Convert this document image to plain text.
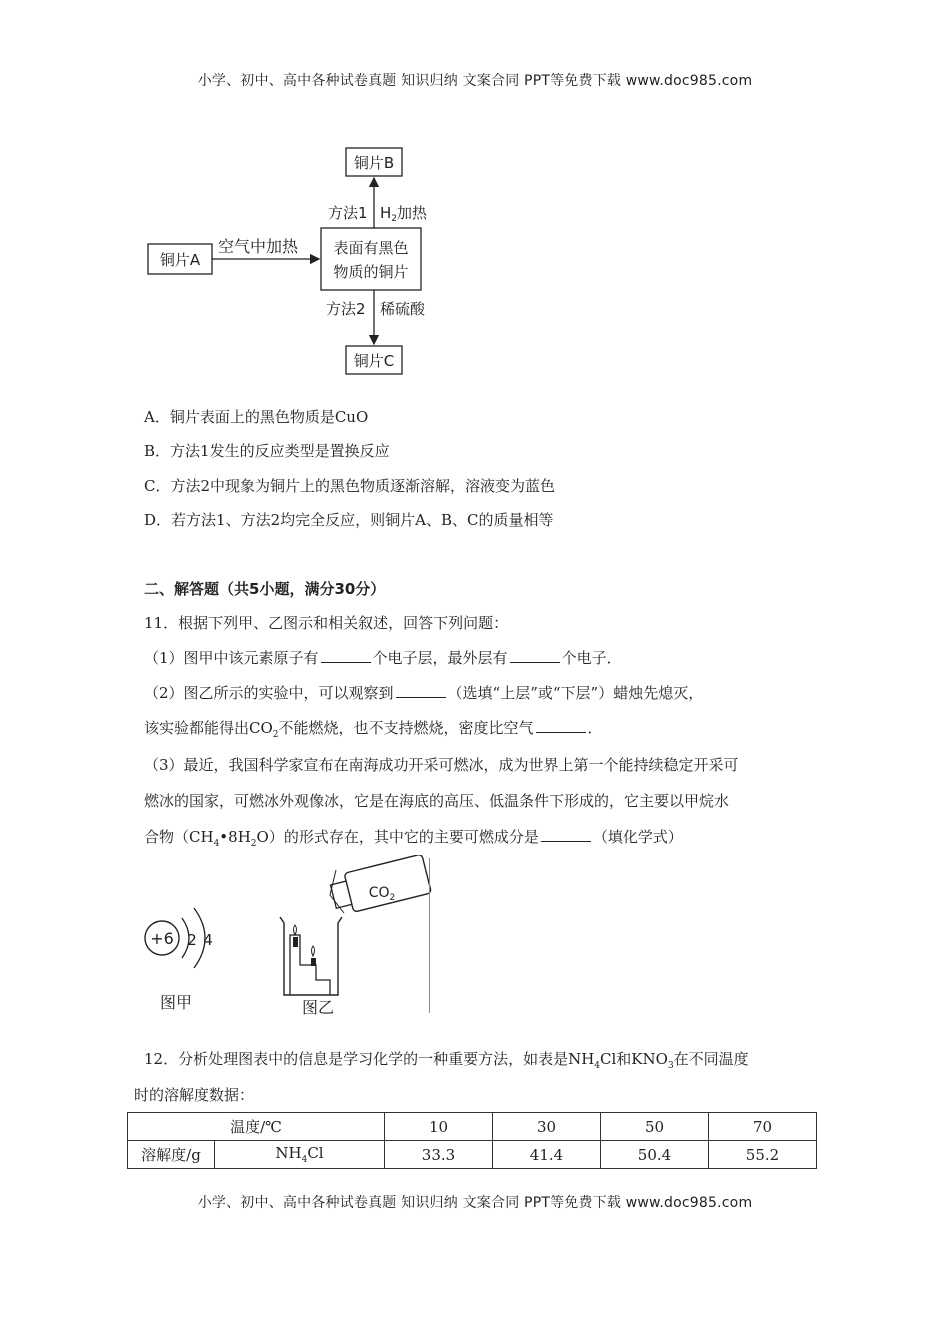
小学、初中、高中各种试卷真题 知识归纳 文案合同 PPT等免费下载 www.doc985.com
铜片B
铜片A
表面有黑色
物质的铜片
铜片C
空气中加热
方法1 $H_2$加热
方法2 稀硫酸
A．铜片表面上的黑色物质是CuO
B．方法1发生的反应类型是置换反应
C．方法2中现象为铜片上的黑色物质逐渐溶解，溶液变为蓝色
D．若方法1、方法2均完全反应，则铜片A、B、C的质量相等
二、解答题（共5小题，满分30分）
11．根据下列甲、乙图示和相关叙述，回答下列问题：
（1）图甲中该元素原子有	个电子层，最外层有	个电子．
（2）图乙所示的实验中，可以观察到	（选填“上层”或“下层”）蜡烛先熄灭，
该实验都能得出$CO_2$不能燃烧，也不支持燃烧，密度比空气	．
（3）最近，我国科学家宣布在南海成功开采可燃冰，成为世界上第一个能持续稳定开采可
燃冰的国家，可燃冰外观像冰，它是在海底的高压、低温条件下形成的，它主要以甲烷水
合物$(CH_4•8H_2O)$的形式存在，其中它的主要可燃成分是	（填化学式）
+6 2 4
图甲
$CO_2$
图乙
12．分析处理图表中的信息是学习化学的一种重要方法，如表是$NH_4Cl$和$KNO_3$在不同温度
时的溶解度数据：
温度/℃		10	30	50	70
溶解度/g	$NH_4Cl$	33.3	41.4	50.4	55.2
小学、初中、高中各种试卷真题 知识归纳 文案合同 PPT等免费下载 www.doc985.com
